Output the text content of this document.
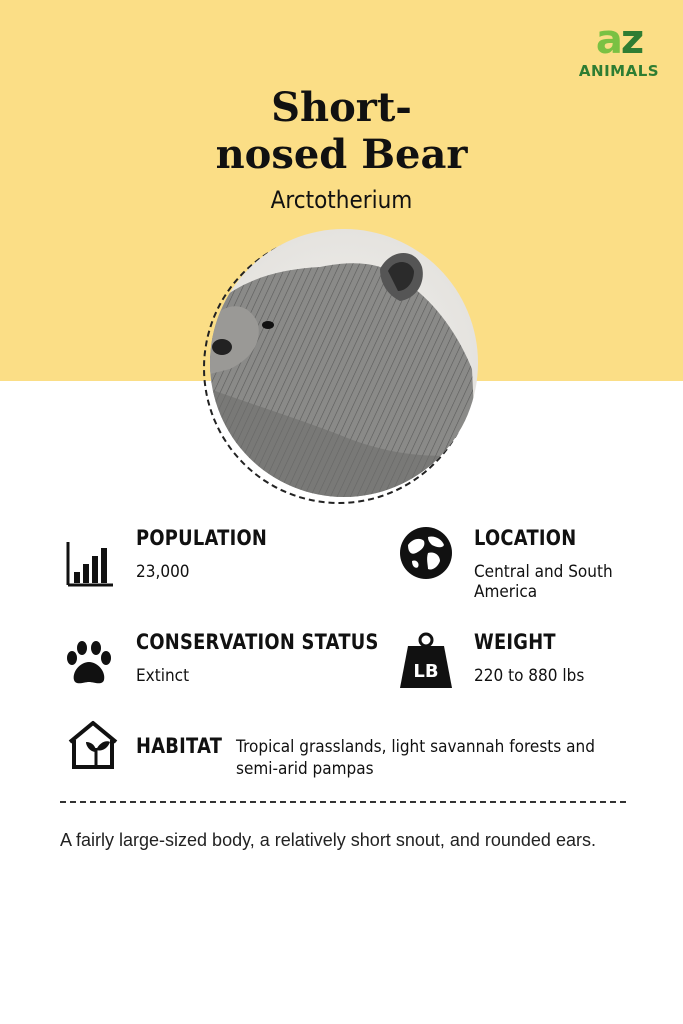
az
ANIMALS
Short-
nosed Bear
Arctotherium
POPULATION
23,000
LOCATION
Central and South America
CONSERVATION STATUS
Extinct	LB
WEIGHT
220 to 880 lbs
HABITAT Tropical grasslands, light savannah forests and semi-arid pampas
A fairly large-sized body, a relatively short snout, and rounded ears.
